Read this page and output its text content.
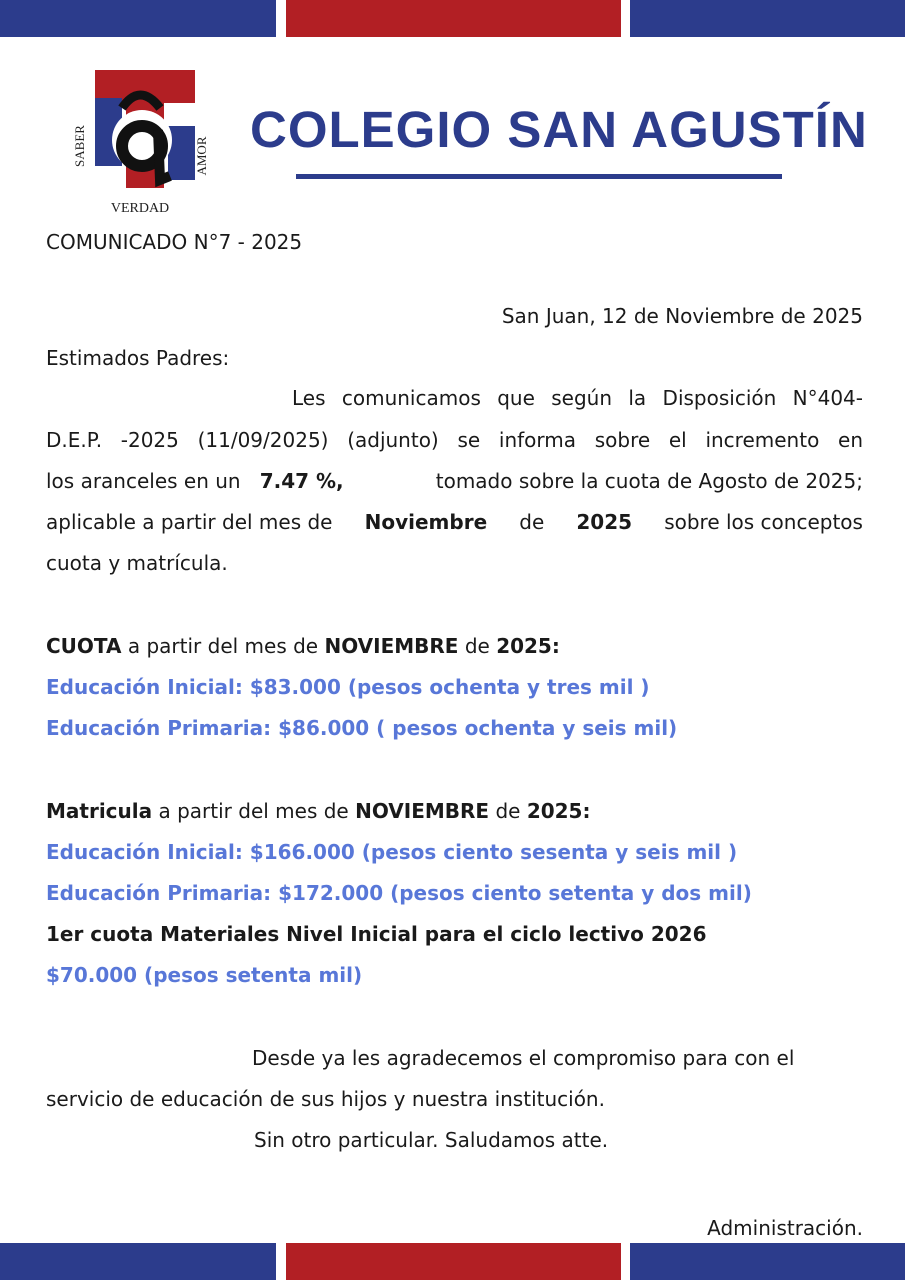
SABER	AMOR
VERDAD
COLEGIO SAN AGUSTÍN
COMUNICADO N°7 - 2025
San Juan, 12 de Noviembre de 2025
Estimados Padres:
Les comunicamos que según la Disposición N°404-
D.E.P. -2025 (11/09/2025) (adjunto) se informa sobre el incremento en
los aranceles en un 7.47 %,	tomado sobre la cuota de Agosto de 2025;
aplicable a partir del mes de Noviembre de 2025 sobre los conceptos
cuota y matrícula.
CUOTA a partir del mes de NOVIEMBRE de 2025:
Educación Inicial: $83.000 (pesos ochenta y tres mil )
Educación Primaria: $86.000 ( pesos ochenta y seis mil)
Matricula a partir del mes de NOVIEMBRE de 2025:
Educación Inicial: $166.000 (pesos ciento sesenta y seis mil )
Educación Primaria: $172.000 (pesos ciento setenta y dos mil)
1er cuota Materiales Nivel Inicial para el ciclo lectivo 2026
$70.000 (pesos setenta mil)
Desde ya les agradecemos el compromiso para con el
servicio de educación de sus hijos y nuestra institución.
Sin otro particular. Saludamos atte.
Administración.
